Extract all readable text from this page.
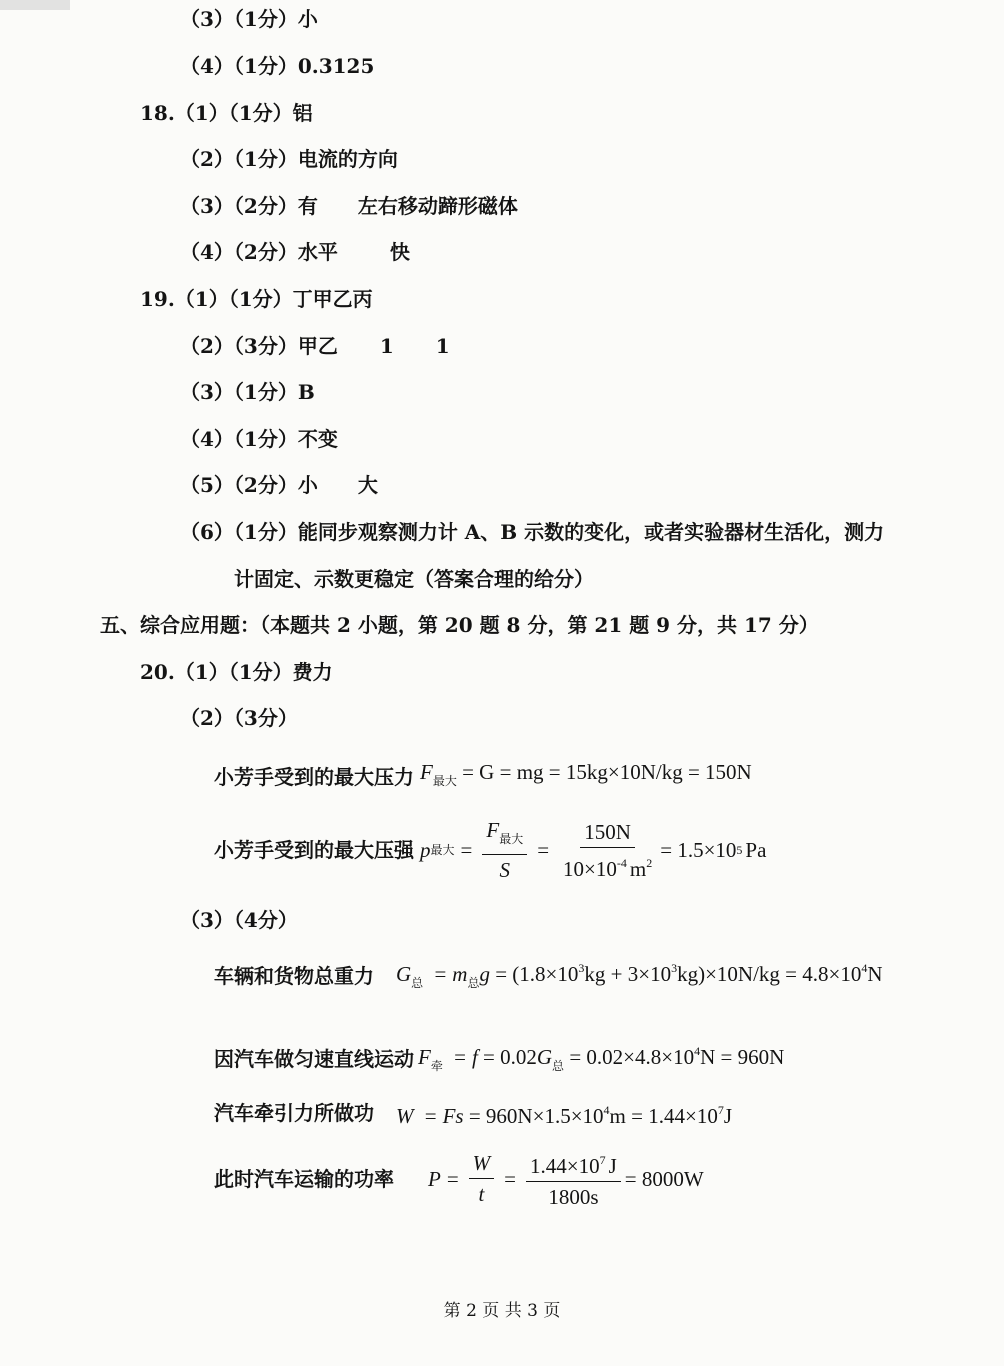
（3）（1分）小
（4）（1分）0.3125
18.（1）（1分）铝
（2）（1分）电流的方向
（3）（2分）有 左右移动蹄形磁体
（4）（2分）水平	快
19.（1）（1分）丁甲乙丙
（2）（3分）甲乙 1 1
（3）（1分）B
（4）（1分）不变
（5）（2分）小 大
（6）（1分）能同步观察测力计 A、B 示数的变化，或者实验器材生活化，测力
计固定、示数更稳定（答案合理的给分）
五、综合应用题：（本题共 2 小题，第 20 题 8 分，第 21 题 9 分，共 17 分）
20.（1）（1分）费力
（2）（3分）
小芳手受到的最大压力 $F_{最大} = G$ = mg = 15kg×10N/kg = 150N
小芳手受到的最大压强 p 最大 = $\frac{F_{最大}}{S} = \frac{150N}{10\times 10^{-4} m^2} = 1.5\times 10$ 5 Pa
（3）（4分）
车辆和货物总重力 $G_总 = m_总g = (1.8\times 10^3kg + 3\times 10^3kg)\times 10N/kg = 4.8\times 10^4N$
因汽车做匀速直线运动 $F_牵 = f = 0.02G_总 = 0.02\times 4.8\times 10^4N = 960N$
汽车牵引力所做功 $W = Fs = 960N\times 1.5\times 10^4m = 1.44\times 10^7J$
此时汽车运输的功率 $P = \frac{W}{t} = \frac{1.44\times 10^7 J}{1800s} = 8000W$
第 2 页 共 3 页
